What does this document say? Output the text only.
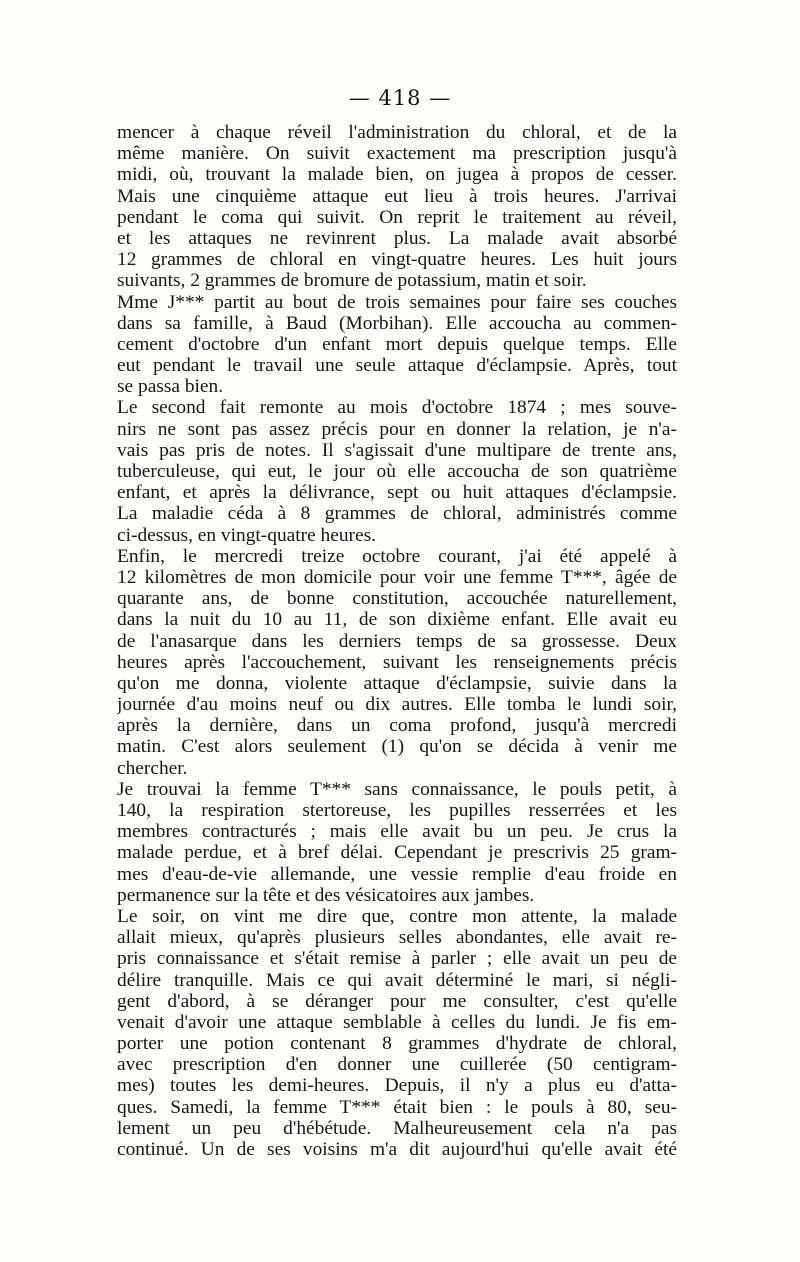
— 418 —
mencer à chaque réveil l'administration du chloral, et de la
même manière. On suivit exactement ma prescription jusqu'à
midi, où, trouvant la malade bien, on jugea à propos de cesser.
Mais une cinquième attaque eut lieu à trois heures. J'arrivai
pendant le coma qui suivit. On reprit le traitement au réveil,
et les attaques ne revinrent plus. La malade avait absorbé
12 grammes de chloral en vingt-quatre heures. Les huit jours
suivants, 2 grammes de bromure de potassium, matin et soir.
Mme J*** partit au bout de trois semaines pour faire ses couches
dans sa famille, à Baud (Morbihan). Elle accoucha au commen-
cement d'octobre d'un enfant mort depuis quelque temps. Elle
eut pendant le travail une seule attaque d'éclampsie. Après, tout
se passa bien.
Le second fait remonte au mois d'octobre 1874 ; mes souve-
nirs ne sont pas assez précis pour en donner la relation, je n'a-
vais pas pris de notes. Il s'agissait d'une multipare de trente ans,
tuberculeuse, qui eut, le jour où elle accoucha de son quatrième
enfant, et après la délivrance, sept ou huit attaques d'éclampsie.
La maladie céda à 8 grammes de chloral, administrés comme
ci-dessus, en vingt-quatre heures.
Enfin, le mercredi treize octobre courant, j'ai été appelé à
12 kilomètres de mon domicile pour voir une femme T***, âgée de
quarante ans, de bonne constitution, accouchée naturellement,
dans la nuit du 10 au 11, de son dixième enfant. Elle avait eu
de l'anasarque dans les derniers temps de sa grossesse. Deux
heures après l'accouchement, suivant les renseignements précis
qu'on me donna, violente attaque d'éclampsie, suivie dans la
journée d'au moins neuf ou dix autres. Elle tomba le lundi soir,
après la dernière, dans un coma profond, jusqu'à mercredi
matin. C'est alors seulement (1) qu'on se décida à venir me
chercher.
Je trouvai la femme T*** sans connaissance, le pouls petit, à
140, la respiration stertoreuse, les pupilles resserrées et les
membres contracturés ; mais elle avait bu un peu. Je crus la
malade perdue, et à bref délai. Cependant je prescrivis 25 gram-
mes d'eau-de-vie allemande, une vessie remplie d'eau froide en
permanence sur la tête et des vésicatoires aux jambes.
Le soir, on vint me dire que, contre mon attente, la malade
allait mieux, qu'après plusieurs selles abondantes, elle avait re-
pris connaissance et s'était remise à parler ; elle avait un peu de
délire tranquille. Mais ce qui avait déterminé le mari, si négli-
gent d'abord, à se déranger pour me consulter, c'est qu'elle
venait d'avoir une attaque semblable à celles du lundi. Je fis em-
porter une potion contenant 8 grammes d'hydrate de chloral,
avec prescription d'en donner une cuillerée (50 centigram-
mes) toutes les demi-heures. Depuis, il n'y a plus eu d'atta-
ques. Samedi, la femme T*** était bien : le pouls à 80, seu-
lement un peu d'hébétude. Malheureusement cela n'a pas
continué. Un de ses voisins m'a dit aujourd'hui qu'elle avait été
